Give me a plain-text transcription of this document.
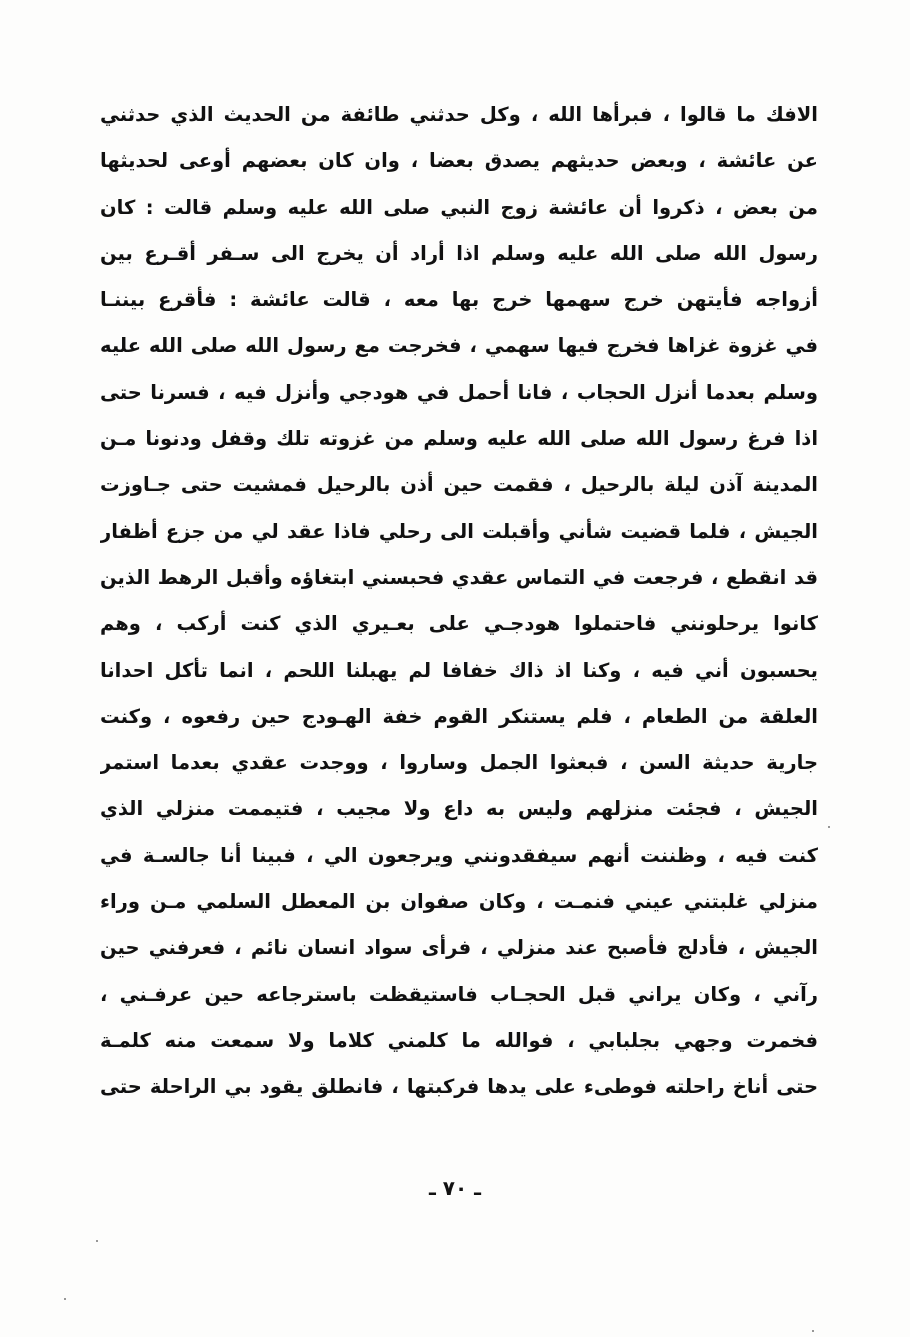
الافك ما قالوا ، فبرأها الله ، وكل حدثني طائفة من الحديث الذي حدثني
عن عائشة ، وبعض حديثهم يصدق بعضا ، وان كان بعضهم أوعى لحديثها
من بعض ، ذكروا أن عائشة زوج النبي صلى الله عليه وسلم قالت : كان
رسول الله صلى الله عليه وسلم اذا أراد أن يخرج الى سـفر أقـرع بين
أزواجه فأيتهن خرج سهمها خرج بها معه ، قالت عائشة : فأقرع بيننـا
في غزوة غزاها فخرج فيها سهمي ، فخرجت مع رسول الله صلى الله عليه
وسلم بعدما أنزل الحجاب ، فانا أحمل في هودجي وأنزل فيه ، فسرنا حتى
اذا فرغ رسول الله صلى الله عليه وسلم من غزوته تلك وقفل ودنونا مـن
المدينة آذن ليلة بالرحيل ، فقمت حين أذن بالرحيل فمشيت حتى جـاوزت
الجيش ، فلما قضيت شأني وأقبلت الى رحلي فاذا عقد لي من جزع أظفار
قد انقطع ، فرجعت في التماس عقدي فحبسني ابتغاؤه وأقبل الرهط الذين
كانوا يرحلونني فاحتملوا هودجـي على بعـيري الذي كنت أركب ، وهم
يحسبون أني فيه ، وكنا اذ ذاك خفافا لم يهبلنا اللحم ، انما تأكل احدانا
العلقة من الطعام ، فلم يستنكر القوم خفة الهـودج حين رفعوه ، وكنت
جارية حديثة السن ، فبعثوا الجمل وساروا ، ووجدت عقدي بعدما استمر
الجيش ، فجئت منزلهم وليس به داع ولا مجيب ، فتيممت منزلي الذي
كنت فيه ، وظننت أنهم سيفقدونني ويرجعون الي ، فبينا أنا جالسـة في
منزلي غلبتني عيني فنمـت ، وكان صفوان بن المعطل السلمي مـن وراء
الجيش ، فأدلج فأصبح عند منزلي ، فرأى سواد انسان نائم ، فعرفني حين
رآني ، وكان يراني قبل الحجـاب فاستيقظت باسترجاعه حين عرفـني ،
فخمرت وجهي بجلبابي ، فوالله ما كلمني كلاما ولا سمعت منه كلمـة
حتى أناخ راحلته فوطىء على يدها فركبتها ، فانطلق يقود بي الراحلة حتى
ـ ٧٠ ـ
